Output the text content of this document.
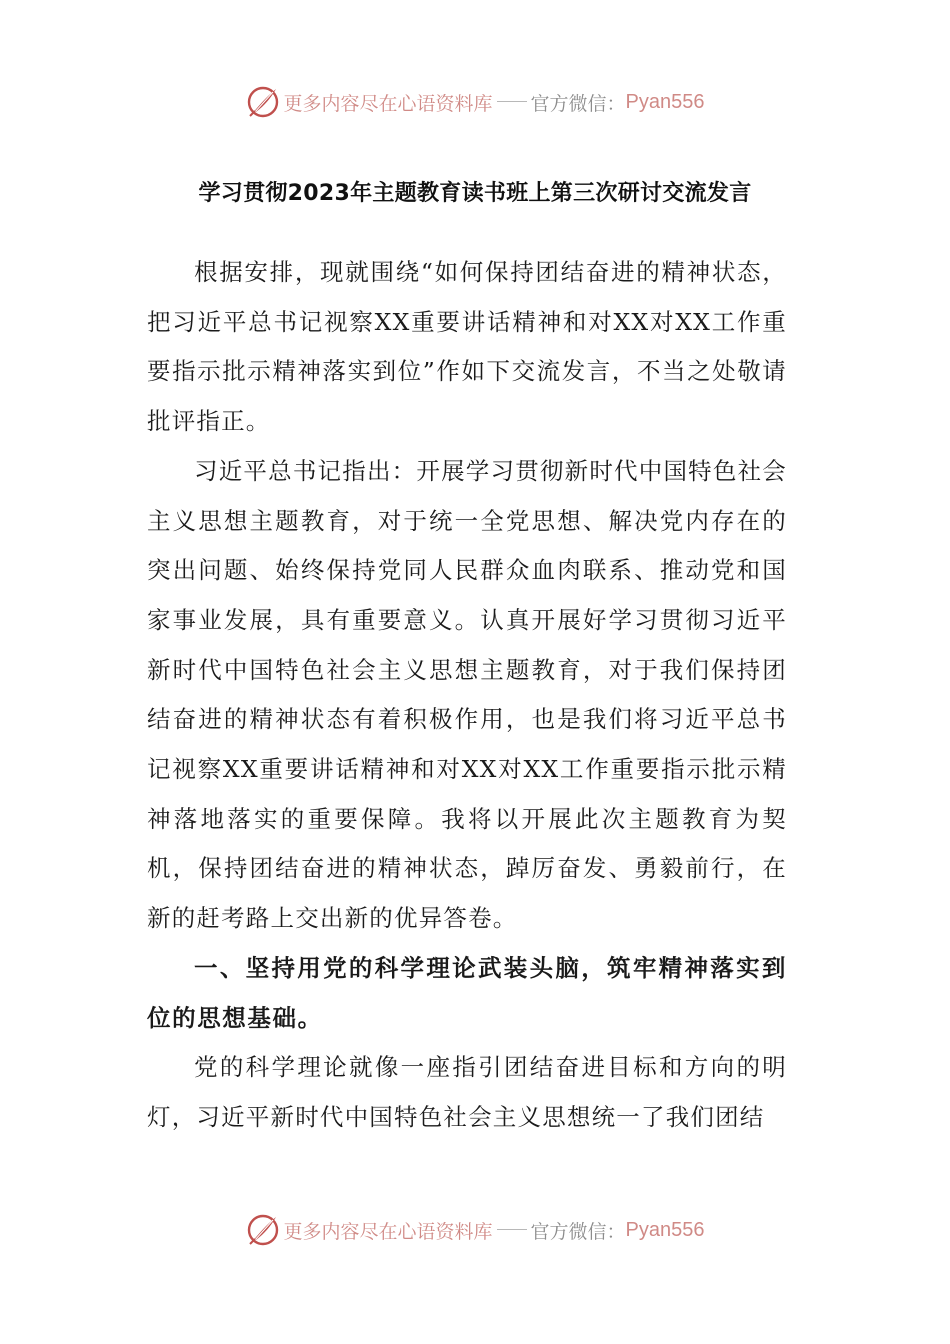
更多内容尽在心语资料库 官方微信： Pyan556
学习贯彻2023年主题教育读书班上第三次研讨交流发言

根据安排，现就围绕“如何保持团结奋进的精神状态，把习近平总书记视察XX重要讲话精神和对XX对XX工作重要指示批示精神落实到位”作如下交流发言，不当之处敬请批评指正。

习近平总书记指出：开展学习贯彻新时代中国特色社会主义思想主题教育，对于统一全党思想、解决党内存在的突出问题、始终保持党同人民群众血肉联系、推动党和国家事业发展，具有重要意义。认真开展好学习贯彻习近平新时代中国特色社会主义思想主题教育，对于我们保持团结奋进的精神状态有着积极作用，也是我们将习近平总书记视察XX重要讲话精神和对XX对XX工作重要指示批示精神落地落实的重要保障。我将以开展此次主题教育为契机，保持团结奋进的精神状态，踔厉奋发、勇毅前行，在新的赶考路上交出新的优异答卷。

一、坚持用党的科学理论武装头脑，筑牢精神落实到位的思想基础。

党的科学理论就像一座指引团结奋进目标和方向的明灯，习近平新时代中国特色社会主义思想统一了我们团结

更多内容尽在心语资料库 官方微信： Pyan556
